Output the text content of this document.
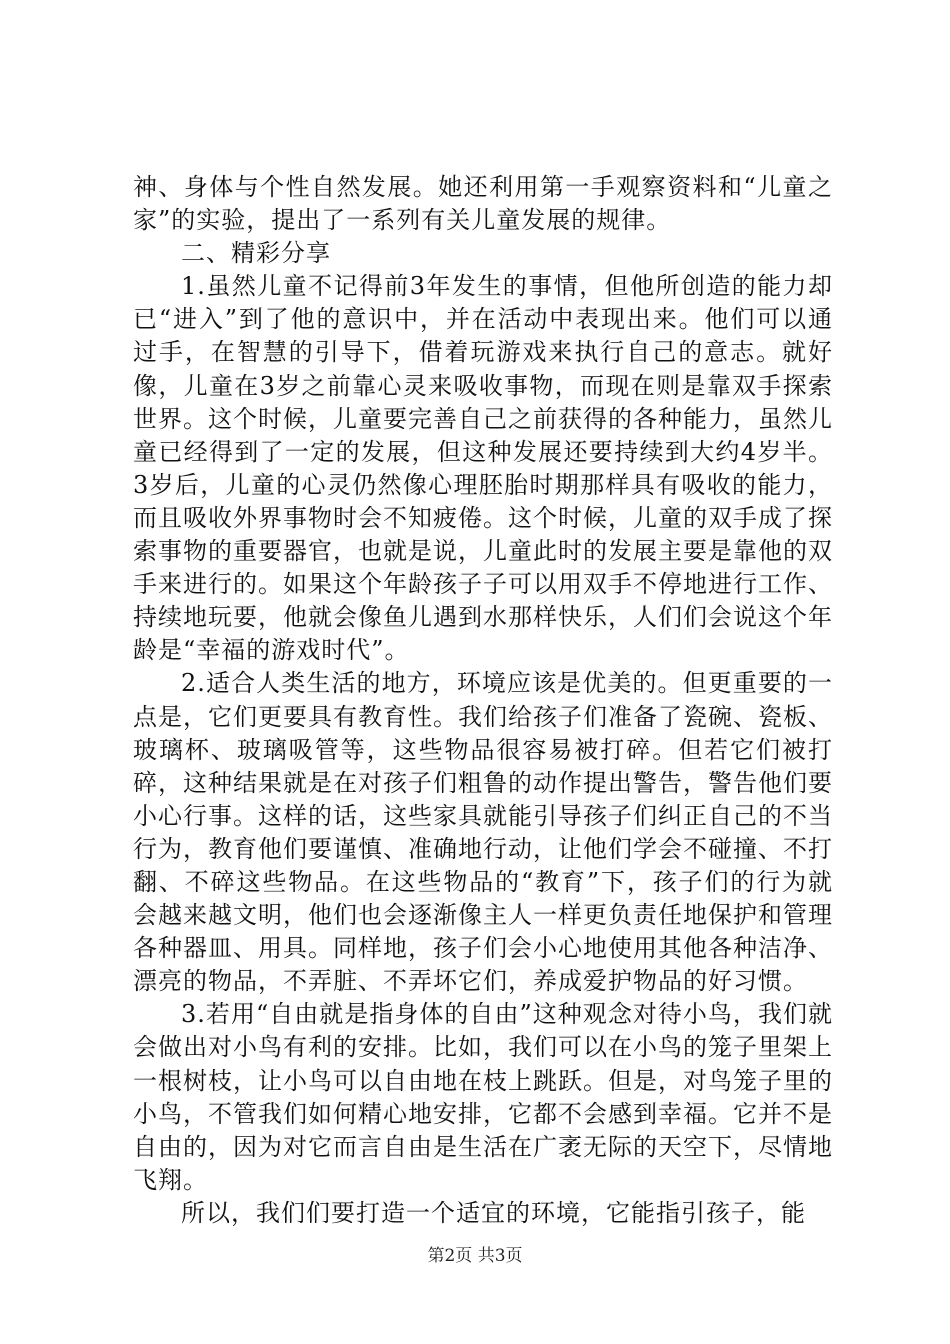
神、身体与个性自然发展。她还利用第一手观察资料和“儿童之家”的实验，提出了一系列有关儿童发展的规律。

二、精彩分享

1.虽然儿童不记得前3年发生的事情，但他所创造的能力却已“进入”到了他的意识中，并在活动中表现出来。他们可以通过手，在智慧的引导下，借着玩游戏来执行自己的意志。就好像，儿童在3岁之前靠心灵来吸收事物，而现在则是靠双手探索世界。这个时候，儿童要完善自己之前获得的各种能力，虽然儿童已经得到了一定的发展，但这种发展还要持续到大约4岁半。3岁后，儿童的心灵仍然像心理胚胎时期那样具有吸收的能力，而且吸收外界事物时会不知疲倦。这个时候，儿童的双手成了探索事物的重要器官，也就是说，儿童此时的发展主要是靠他的双手来进行的。如果这个年龄孩子子可以用双手不停地进行工作、持续地玩要，他就会像鱼儿遇到水那样快乐，人们们会说这个年龄是“幸福的游戏时代”。

2.适合人类生活的地方，环境应该是优美的。但更重要的一点是，它们更要具有教育性。我们给孩子们准备了瓷碗、瓷板、玻璃杯、玻璃吸管等，这些物品很容易被打碎。但若它们被打碎，这种结果就是在对孩子们粗鲁的动作提出警告，警告他们要小心行事。这样的话，这些家具就能引导孩子们纠正自己的不当行为，教育他们要谨慎、准确地行动，让他们学会不碰撞、不打翻、不碎这些物品。在这些物品的“教育”下，孩子们的行为就会越来越文明，他们也会逐渐像主人一样更负责任地保护和管理各种器皿、用具。同样地，孩子们会小心地使用其他各种洁净、漂亮的物品，不弄脏、不弄坏它们，养成爱护物品的好习惯。

3.若用“自由就是指身体的自由”这种观念对待小鸟，我们就会做出对小鸟有利的安排。比如，我们可以在小鸟的笼子里架上一根树枝，让小鸟可以自由地在枝上跳跃。但是，对鸟笼子里的小鸟，不管我们如何精心地安排，它都不会感到幸福。它并不是自由的，因为对它而言自由是生活在广袤无际的天空下，尽情地飞翔。

所以，我们们要打造一个适宜的环境，它能指引孩子，能

第2页 共3页
